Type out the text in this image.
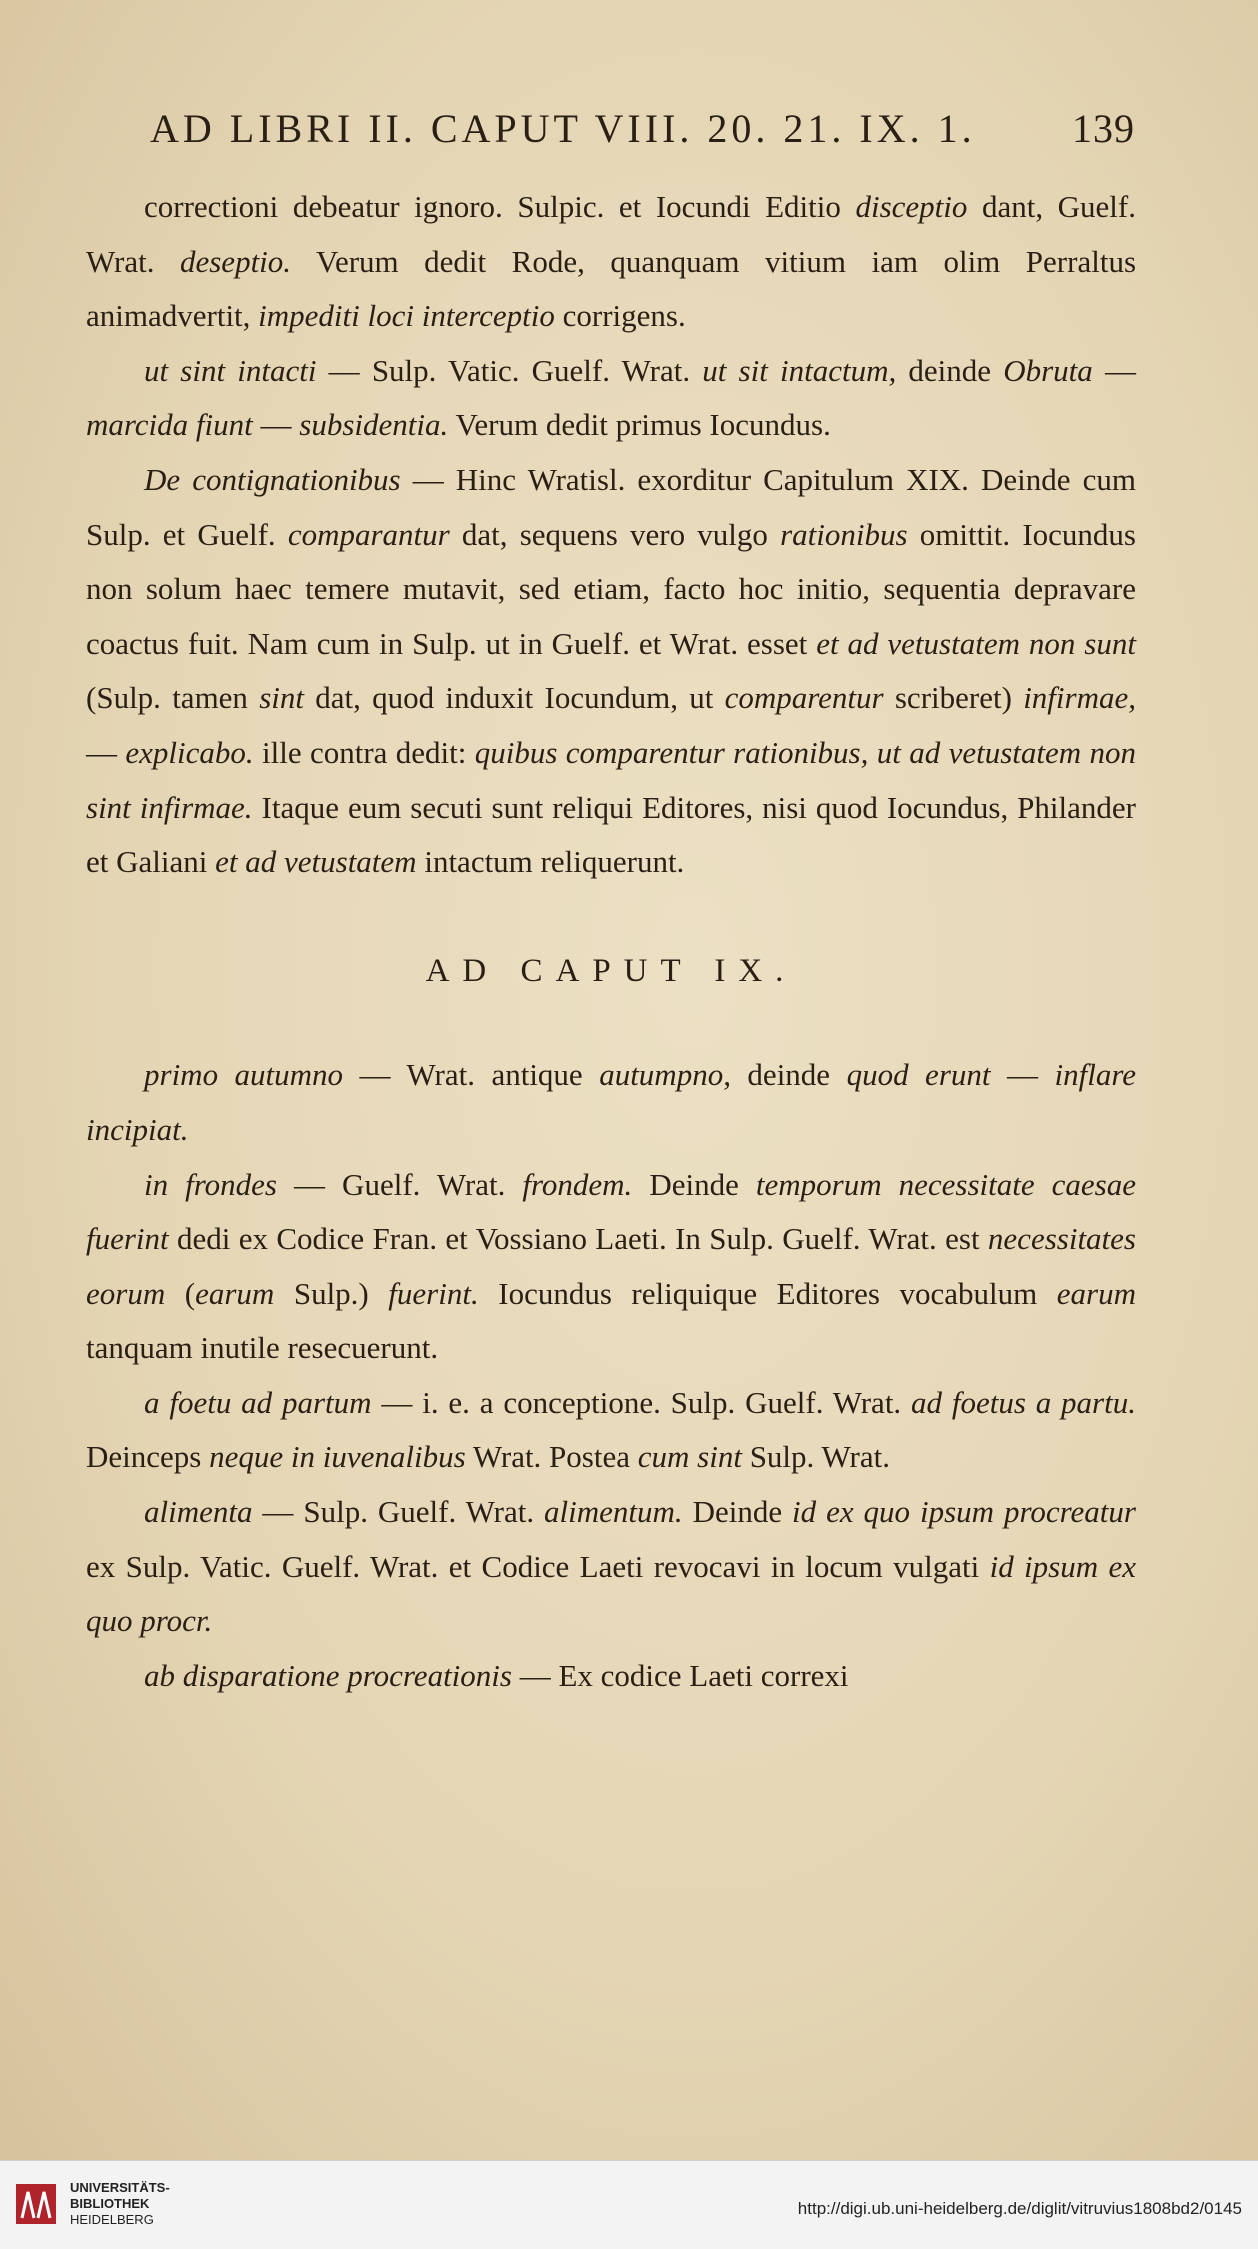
AD LIBRI II. CAPUT VIII. 20. 21. IX. 1. 139
correctioni debeatur ignoro. Sulpic. et Iocundi Editio disceptio dant, Guelf. Wrat. deseptio. Verum dedit Rode, quanquam vitium iam olim Perraltus animadvertit, impediti loci interceptio corrigens.
ut sint intacti — Sulp. Vatic. Guelf. Wrat. ut sit intactum, deinde Obruta — marcida fiunt — subsidentia. Verum dedit primus Iocundus.
De contignationibus — Hinc Wratisl. exorditur Capitulum XIX. Deinde cum Sulp. et Guelf. comparantur dat, sequens vero vulgo rationibus omittit. Iocundus non solum haec temere mutavit, sed etiam, facto hoc initio, sequentia depravare coactus fuit. Nam cum in Sulp. ut in Guelf. et Wrat. esset et ad vetustatem non sunt (Sulp. tamen sint dat, quod induxit Iocundum, ut comparentur scriberet) infirmae, — explicabo. ille contra dedit: quibus comparentur rationibus, ut ad vetustatem non sint infirmae. Itaque eum secuti sunt reliqui Editores, nisi quod Iocundus, Philander et Galiani et ad vetustatem intactum reliquerunt.
AD CAPUT IX.
primo autumno — Wrat. antique autumpno, deinde quod erunt — inflare incipiat.
in frondes — Guelf. Wrat. frondem. Deinde temporum necessitate caesae fuerint dedi ex Codice Fran. et Vossiano Laeti. In Sulp. Guelf. Wrat. est necessitates eorum (earum Sulp.) fuerint. Iocundus reliquique Editores vocabulum earum tanquam inutile resecuerunt.
a foetu ad partum — i. e. a conceptione. Sulp. Guelf. Wrat. ad foetus a partu. Deinceps neque in iuvenalibus Wrat. Postea cum sint Sulp. Wrat.
alimenta — Sulp. Guelf. Wrat. alimentum. Deinde id ex quo ipsum procreatur ex Sulp. Vatic. Guelf. Wrat. et Codice Laeti revocavi in locum vulgati id ipsum ex quo procr.
ab disparatione procreationis — Ex codice Laeti correxi
UNIVERSITÄTS-
BIBLIOTHEK
HEIDELBERG
http://digi.ub.uni-heidelberg.de/diglit/vitruvius1808bd2/0145
